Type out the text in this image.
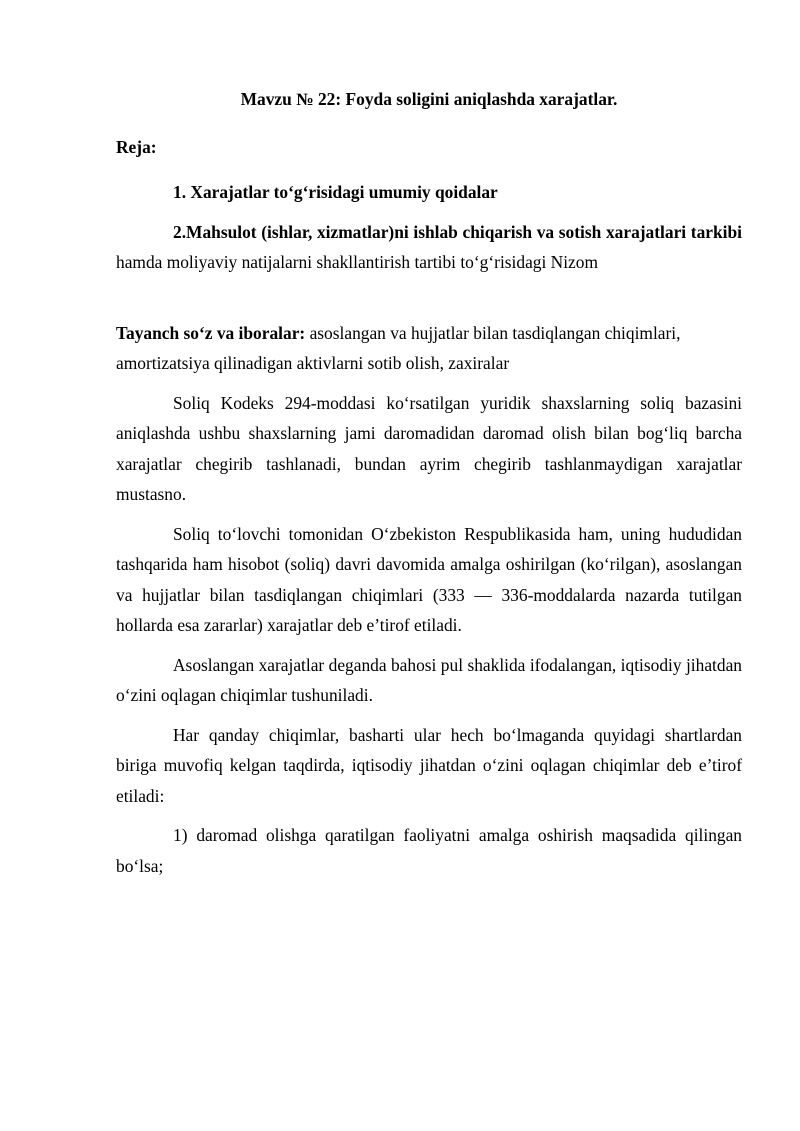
Mavzu № 22: Foyda soligini aniqlashda xarajatlar.

Reja:

1. Xarajatlar to‘g‘risidagi umumiy qoidalar

2.Mahsulot (ishlar, xizmatlar)ni ishlab chiqarish va sotish xarajatlari tarkibi hamda moliyaviy natijalarni shakllantirish tartibi to‘g‘risidagi Nizom

Tayanch so‘z va iboralar: asoslangan va hujjatlar bilan tasdiqlangan chiqimlari, amortizatsiya qilinadigan aktivlarni sotib olish, zaxiralar

Soliq Kodeks 294-moddasi ko‘rsatilgan yuridik shaxslarning soliq bazasini aniqlashda ushbu shaxslarning jami daromadidan daromad olish bilan bog‘liq barcha xarajatlar chegirib tashlanadi, bundan ayrim chegirib tashlanmaydigan xarajatlar mustasno.

Soliq to‘lovchi tomonidan O‘zbekiston Respublikasida ham, uning hududidan tashqarida ham hisobot (soliq) davri davomida amalga oshirilgan (ko‘rilgan), asoslangan va hujjatlar bilan tasdiqlangan chiqimlari (333 — 336-moddalarda nazarda tutilgan hollarda esa zararlar) xarajatlar deb e’tirof etiladi.

Asoslangan xarajatlar deganda bahosi pul shaklida ifodalangan, iqtisodiy jihatdan o‘zini oqlagan chiqimlar tushuniladi.

Har qanday chiqimlar, basharti ular hech bo‘lmaganda quyidagi shartlardan biriga muvofiq kelgan taqdirda, iqtisodiy jihatdan o‘zini oqlagan chiqimlar deb e’tirof etiladi:

1) daromad olishga qaratilgan faoliyatni amalga oshirish maqsadida qilingan bo‘lsa;
